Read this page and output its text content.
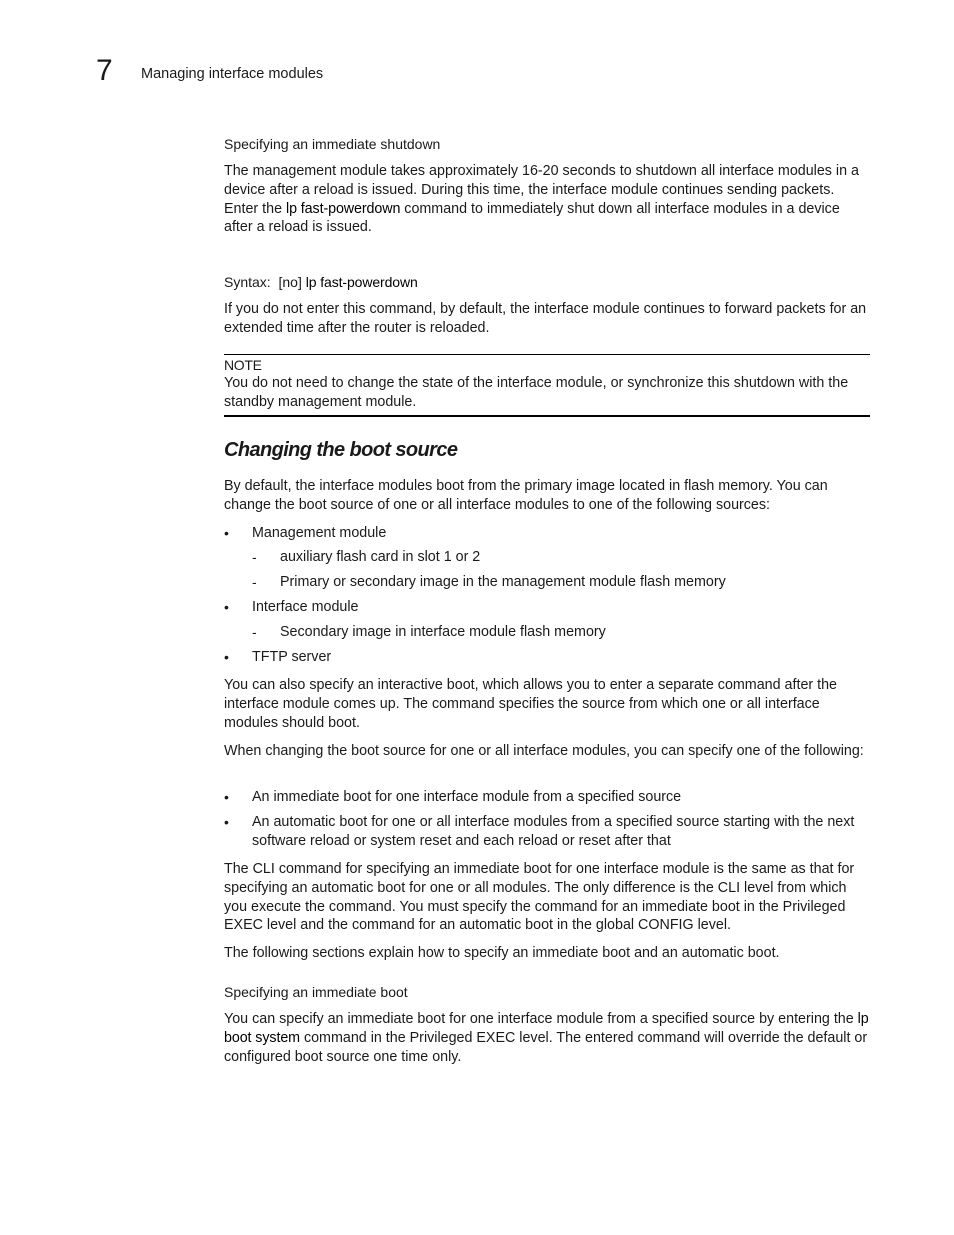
7 Managing interface modules

Specifying an immediate shutdown

The management module takes approximately 16-20 seconds to shutdown all interface modules in a device after a reload is issued. During this time, the interface module continues sending packets. Enter the lp fast-powerdown command to immediately shut down all interface modules in a device after a reload is issued.

Syntax: [no] lp fast-powerdown

If you do not enter this command, by default, the interface module continues to forward packets for an extended time after the router is reloaded.

NOTE

You do not need to change the state of the interface module, or synchronize this shutdown with the standby management module.

Changing the boot source

By default, the interface modules boot from the primary image located in flash memory. You can change the boot source of one or all interface modules to one of the following sources:

•	Management module
- auxiliary flash card in slot 1 or 2
- Primary or secondary image in the management module flash memory
•	Interface module
- Secondary image in interface module flash memory
•	TFTP server

You can also specify an interactive boot, which allows you to enter a separate command after the interface module comes up. The command specifies the source from which one or all interface modules should boot.

When changing the boot source for one or all interface modules, you can specify one of the following:

•	An immediate boot for one interface module from a specified source
•	An automatic boot for one or all interface modules from a specified source starting with the next software reload or system reset and each reload or reset after that

The CLI command for specifying an immediate boot for one interface module is the same as that for specifying an automatic boot for one or all modules. The only difference is the CLI level from which you execute the command. You must specify the command for an immediate boot in the Privileged EXEC level and the command for an automatic boot in the global CONFIG level.

The following sections explain how to specify an immediate boot and an automatic boot.

Specifying an immediate boot

You can specify an immediate boot for one interface module from a specified source by entering the lp boot system command in the Privileged EXEC level. The entered command will override the default or configured boot source one time only.
